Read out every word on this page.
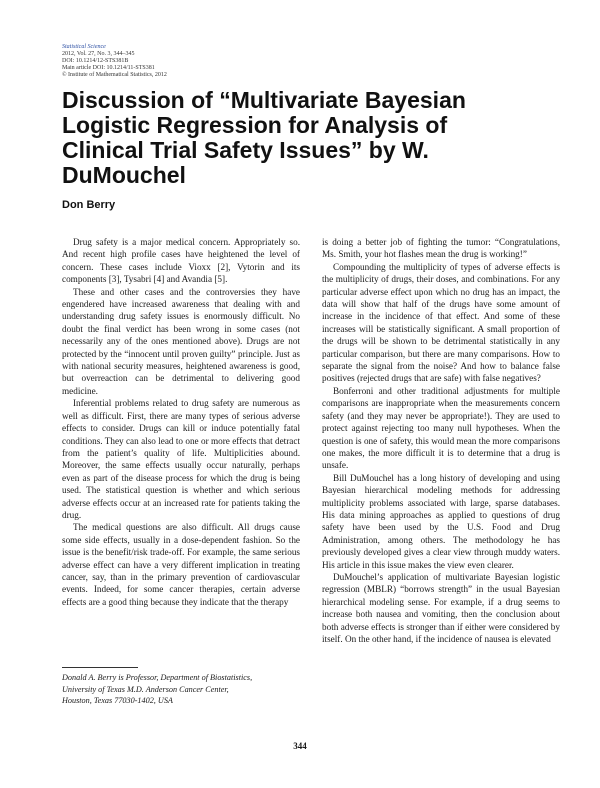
Statistical Science
2012, Vol. 27, No. 3, 344–345
DOI: 10.1214/12-STS381B
Main article DOI: 10.1214/11-STS381
© Institute of Mathematical Statistics, 2012
Discussion of “Multivariate Bayesian Logistic Regression for Analysis of Clinical Trial Safety Issues” by W. DuMouchel
Don Berry

Drug safety is a major medical concern. Appropriately so. And recent high profile cases have heightened the level of concern. These cases include Vioxx [2], Vytorin and its components [3], Tysabri [4] and Avandia [5].

These and other cases and the controversies they have engendered have increased awareness that dealing with and understanding drug safety issues is enormously difficult. No doubt the final verdict has been wrong in some cases (not necessarily any of the ones mentioned above). Drugs are not protected by the “innocent until proven guilty” principle. Just as with national security measures, heightened awareness is good, but overreaction can be detrimental to delivering good medicine.

Inferential problems related to drug safety are numerous as well as difficult. First, there are many types of serious adverse effects to consider. Drugs can kill or induce potentially fatal conditions. They can also lead to one or more effects that detract from the patient’s quality of life. Multiplicities abound. Moreover, the same effects usually occur naturally, perhaps even as part of the disease process for which the drug is being used. The statistical question is whether and which serious adverse effects occur at an increased rate for patients taking the drug.

The medical questions are also difficult. All drugs cause some side effects, usually in a dose-dependent fashion. So the issue is the benefit/risk trade-off. For example, the same serious adverse effect can have a very different implication in treating cancer, say, than in the primary prevention of cardiovascular events. Indeed, for some cancer therapies, certain adverse effects are a good thing because they indicate that the therapy

is doing a better job of fighting the tumor: “Congratulations, Ms. Smith, your hot flashes mean the drug is working!”

Compounding the multiplicity of types of adverse effects is the multiplicity of drugs, their doses, and combinations. For any particular adverse effect upon which no drug has an impact, the data will show that half of the drugs have some amount of increase in the incidence of that effect. And some of these increases will be statistically significant. A small proportion of the drugs will be shown to be detrimental statistically in any particular comparison, but there are many comparisons. How to separate the signal from the noise? And how to balance false positives (rejected drugs that are safe) with false negatives?

Bonferroni and other traditional adjustments for multiple comparisons are inappropriate when the measurements concern safety (and they may never be appropriate!). They are used to protect against rejecting too many null hypotheses. When the question is one of safety, this would mean the more comparisons one makes, the more difficult it is to determine that a drug is unsafe.

Bill DuMouchel has a long history of developing and using Bayesian hierarchical modeling methods for addressing multiplicity problems associated with large, sparse databases. His data mining approaches as applied to questions of drug safety have been used by the U.S. Food and Drug Administration, among others. The methodology he has previously developed gives a clear view through muddy waters. His article in this issue makes the view even clearer.

DuMouchel’s application of multivariate Bayesian logistic regression (MBLR) “borrows strength” in the usual Bayesian hierarchical modeling sense. For example, if a drug seems to increase both nausea and vomiting, then the conclusion about both adverse effects is stronger than if either were considered by itself. On the other hand, if the incidence of nausea is elevated

Donald A. Berry is Professor, Department of Biostatistics,
University of Texas M.D. Anderson Cancer Center,
Houston, Texas 77030-1402, USA
344
